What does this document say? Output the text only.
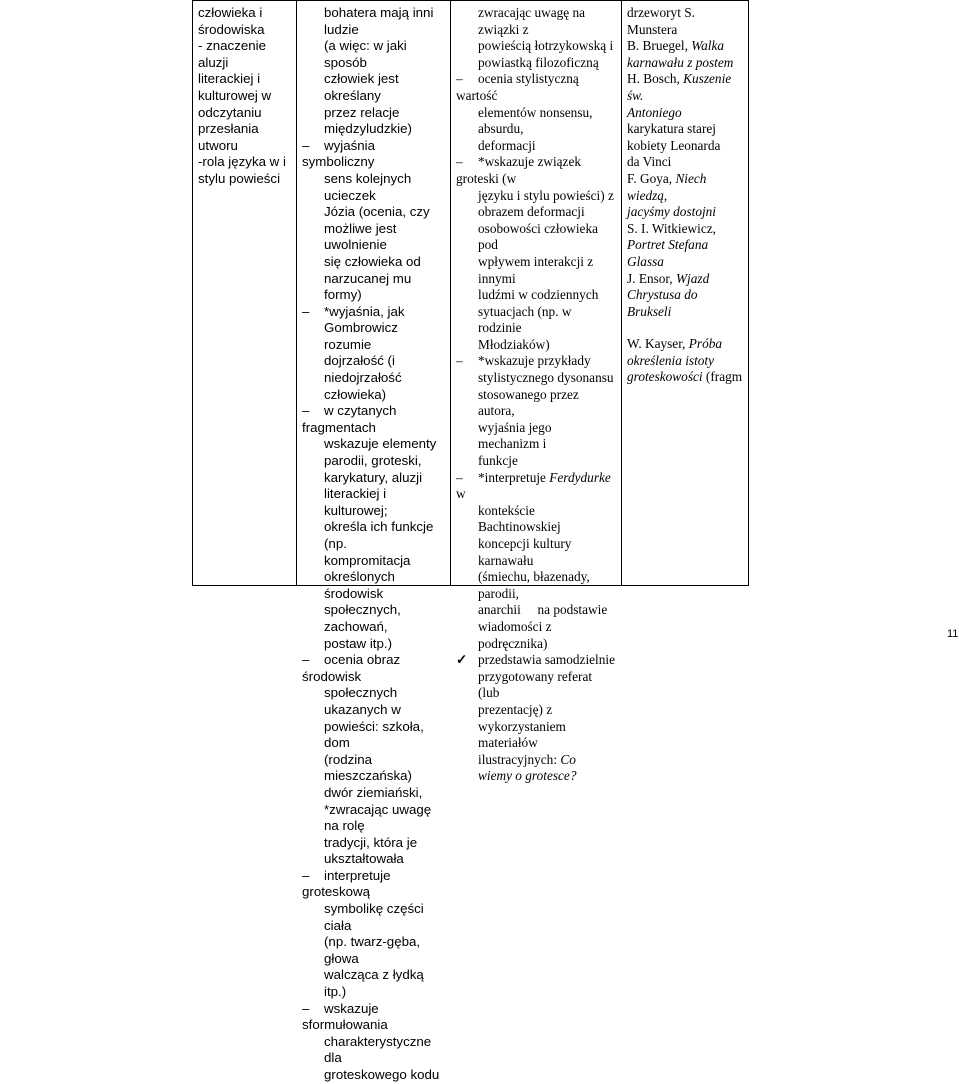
człowieka i
środowiska
- znaczenie aluzji
literackiej i
kulturowej w
odczytaniu
przesłania utworu
-rola języka w i
stylu powieści

bohatera mają inni ludzie
(a więc: w jaki sposób
człowiek jest określany
przez relacje
międzyludzkie)
– wyjaśnia symboliczny
sens kolejnych ucieczek
Józia (ocenia, czy
możliwe jest uwolnienie
się człowieka od
narzucanej mu formy)
– *wyjaśnia, jak
Gombrowicz rozumie
dojrzałość (i
niedojrzałość człowieka)
– w czytanych fragmentach
wskazuje elementy
parodii, groteski,
karykatury, aluzji
literackiej i kulturowej;
określa ich funkcje (np.
kompromitacja
określonych środowisk
społecznych, zachowań,
postaw itp.)
– ocenia obraz środowisk
społecznych ukazanych w
powieści: szkoła, dom
(rodzina mieszczańska)
dwór ziemiański,
*zwracając uwagę na rolę
tradycji, która je
ukształtowała
– interpretuje groteskową
symbolikę części ciała
(np. twarz-gęba, głowa
walcząca z łydką itp.)
– wskazuje sformułowania
charakterystyczne dla
groteskowego kodu

zwracając uwagę na związki z
powieścią łotrzykowską i
powiastką filozoficzną
– ocenia stylistyczną wartość
elementów nonsensu, absurdu,
deformacji
– *wskazuje związek groteski (w
języku i stylu powieści) z
obrazem deformacji
osobowości człowieka pod
wpływem interakcji z innymi
ludźmi w codziennych
sytuacjach (np. w rodzinie
Młodziaków)
– *wskazuje przykłady
stylistycznego dysonansu
stosowanego przez autora,
wyjaśnia jego mechanizm i
funkcje
– *interpretuje Ferdydurke w
kontekście Bachtinowskiej
koncepcji kultury karnawału
(śmiechu, błazenady, parodii,
anarchii     na podstawie
wiadomości z podręcznika)
✓ przedstawia samodzielnie
przygotowany referat (lub
prezentację) z wykorzystaniem
materiałów ilustracyjnych: Co
wiemy o grotesce?

drzeworyt S. Munstera
B. Bruegel, Walka
karnawału z postem
H. Bosch, Kuszenie św.
Antoniego
karykatura starej
kobiety Leonarda
da Vinci
F. Goya, Niech wiedzą,
jacyśmy dostojni
S. I. Witkiewicz,
Portret Stefana Glassa
J. Ensor, Wjazd
Chrystusa do Brukseli
W. Kayser, Próba
określenia istoty
groteskowości (fragm
11
